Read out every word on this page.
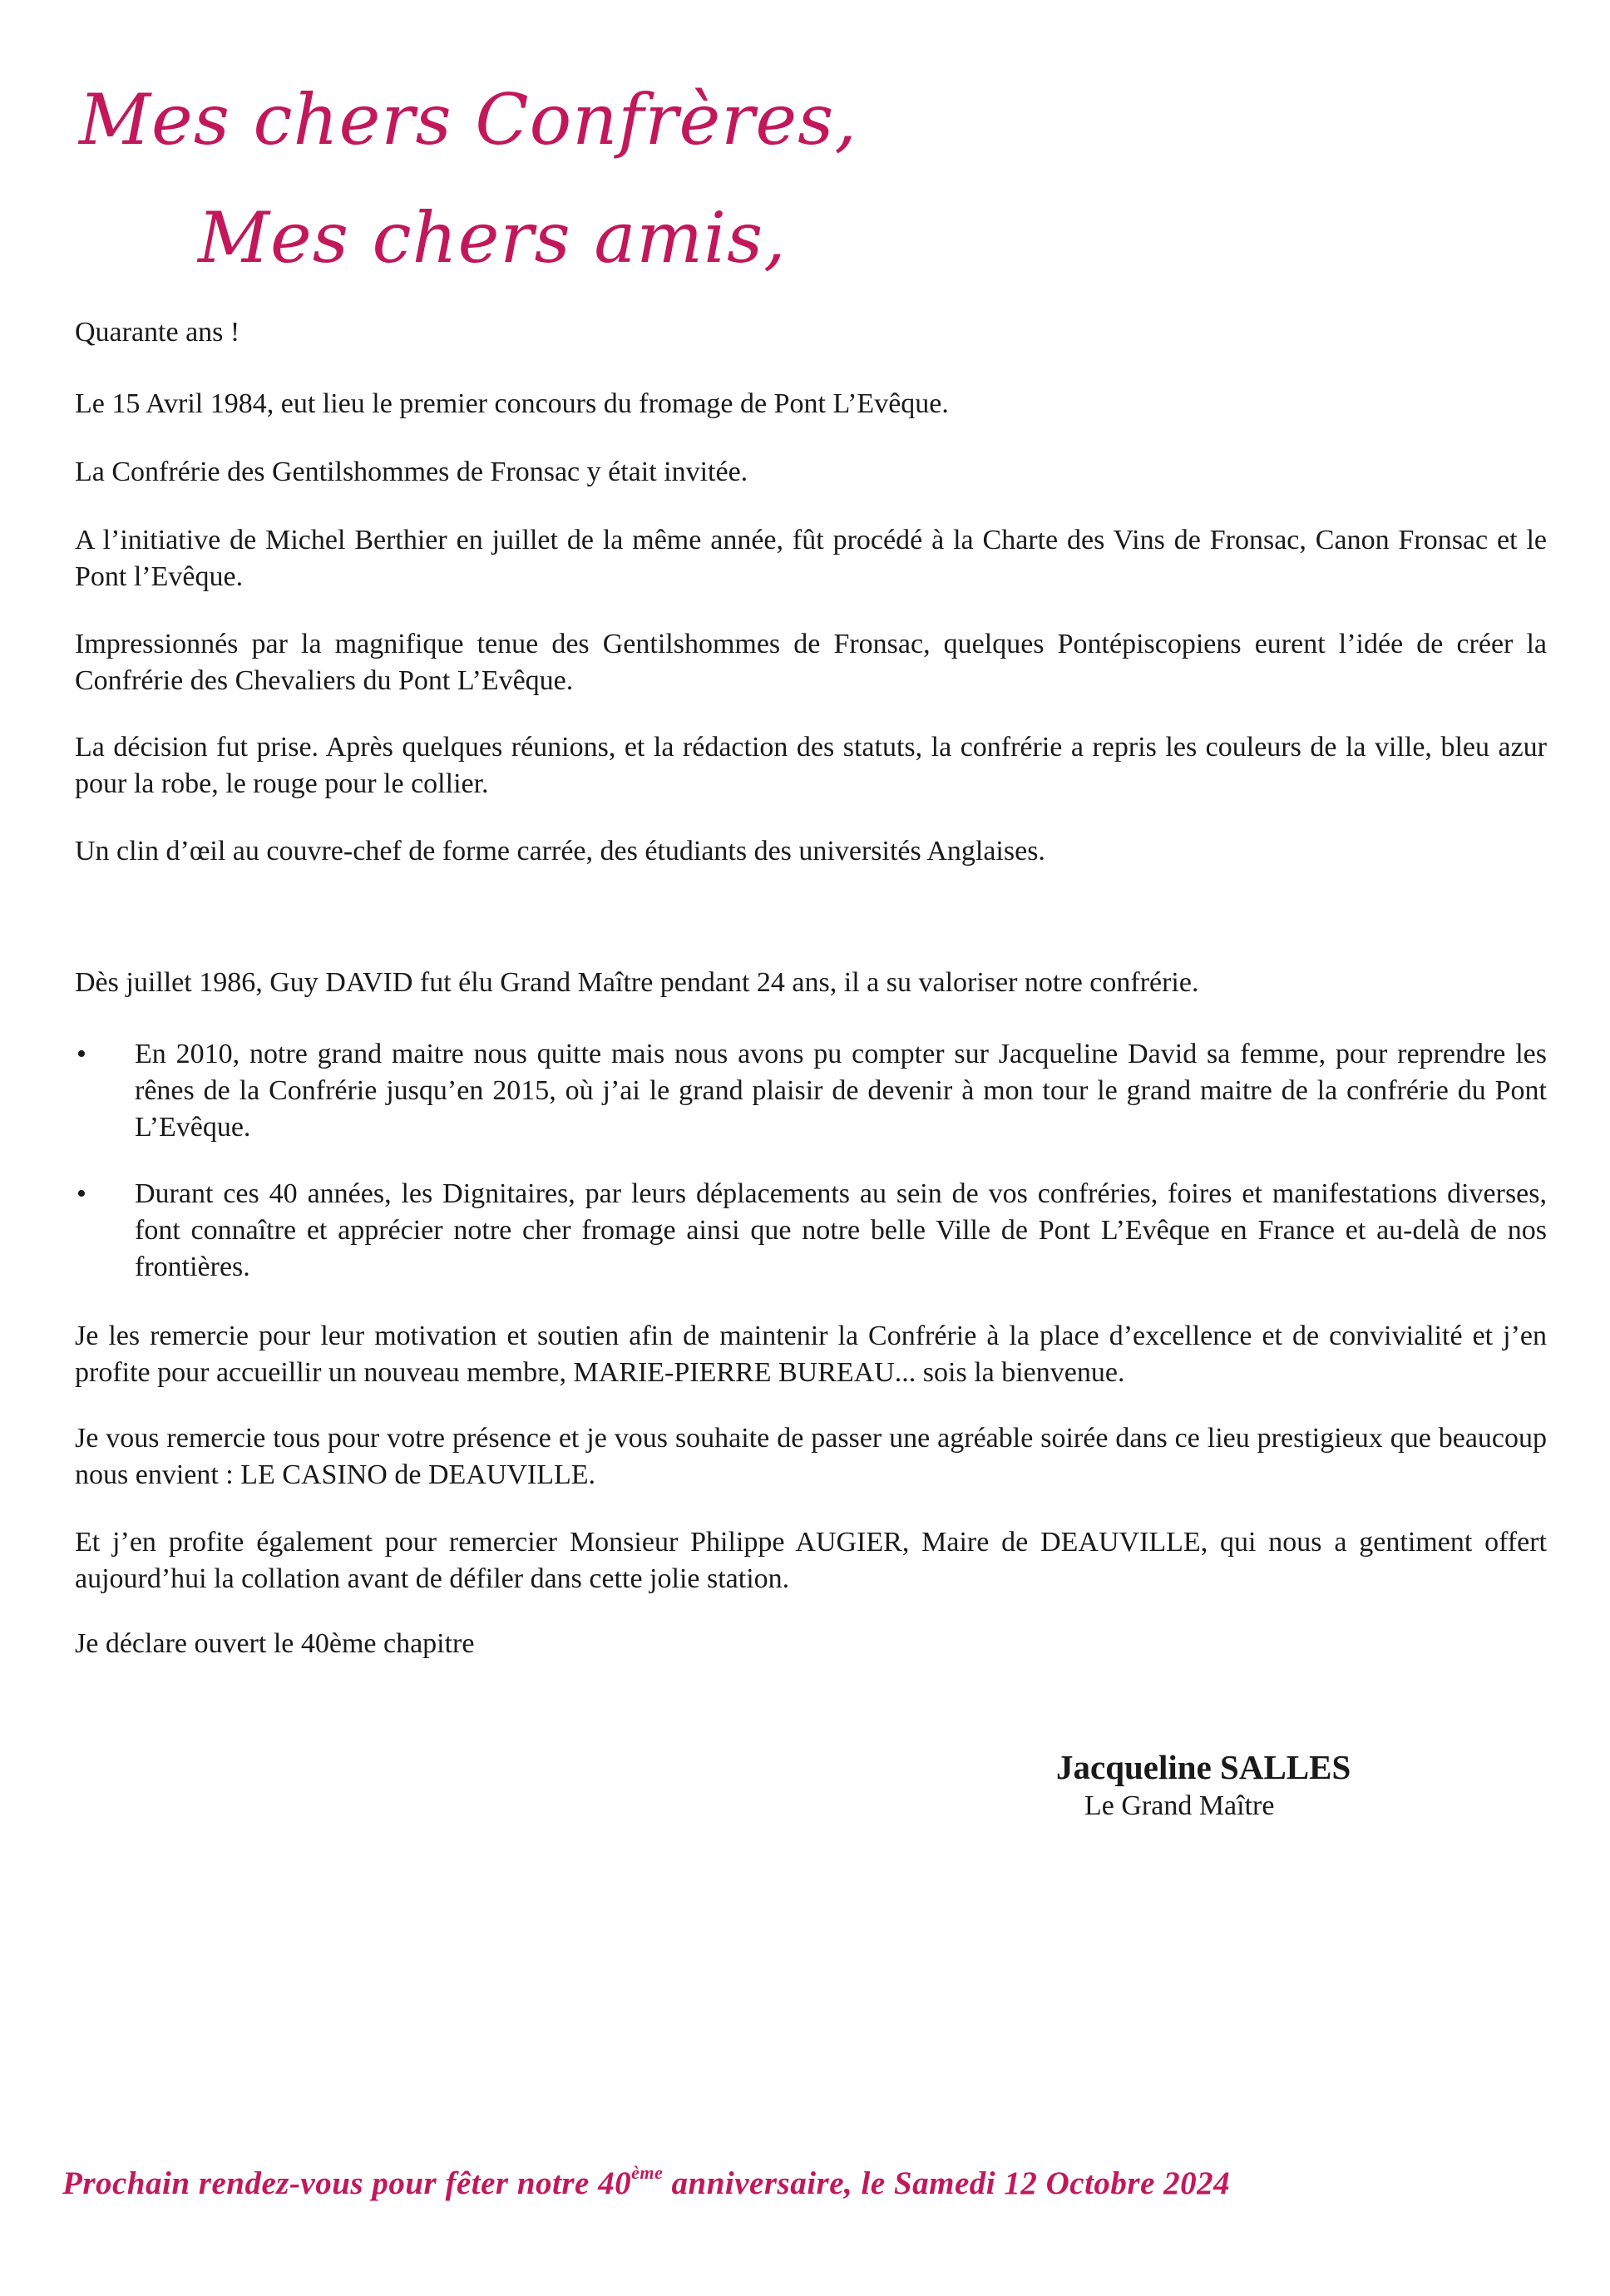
Mes chers Confrères,
Mes chers amis,

Quarante ans !

Le 15 Avril 1984, eut lieu le premier concours du fromage de Pont L’Evêque.

La Confrérie des Gentilshommes de Fronsac y était invitée.

A l’initiative de Michel Berthier en juillet de la même année, fût procédé à la Charte des Vins de Fronsac, Canon Fronsac et le Pont l’Evêque.

Impressionnés par la magnifique tenue des Gentilshommes de Fronsac, quelques Pontépiscopiens eurent l’idée de créer la Confrérie des Chevaliers du Pont L’Evêque.

La décision fut prise. Après quelques réunions, et la rédaction des statuts, la confrérie a repris les couleurs de la ville, bleu azur pour la robe, le rouge pour le collier.

Un clin d’œil au couvre-chef de forme carrée, des étudiants des universités Anglaises.

Dès juillet 1986, Guy DAVID fut élu Grand Maître pendant 24 ans, il a su valoriser notre confrérie.

• En 2010, notre grand maitre nous quitte mais nous avons pu compter sur Jacqueline David sa femme, pour reprendre les rênes de la Confrérie jusqu’en 2015, où j’ai le grand plaisir de devenir à mon tour le grand maitre de la confrérie du Pont L’Evêque.

• Durant ces 40 années, les Dignitaires, par leurs déplacements au sein de vos confréries, foires et manifestations diverses, font connaître et apprécier notre cher fromage ainsi que notre belle Ville de Pont L’Evêque en France et au-delà de nos frontières.

Je les remercie pour leur motivation et soutien afin de maintenir la Confrérie à la place d’excellence et de convivialité et j’en profite pour accueillir un nouveau membre, MARIE-PIERRE BUREAU... sois la bienvenue.

Je vous remercie tous pour votre présence et je vous souhaite de passer une agréable soirée dans ce lieu prestigieux que beaucoup nous envient : LE CASINO de DEAUVILLE.

Et j’en profite également pour remercier Monsieur Philippe AUGIER, Maire de DEAUVILLE, qui nous a gentiment offert aujourd’hui la collation avant de défiler dans cette jolie station.

Je déclare ouvert le 40ème chapitre

Jacqueline SALLES
Le Grand Maître
Prochain rendez-vous pour fêter notre 40ème anniversaire, le Samedi 12 Octobre 2024
